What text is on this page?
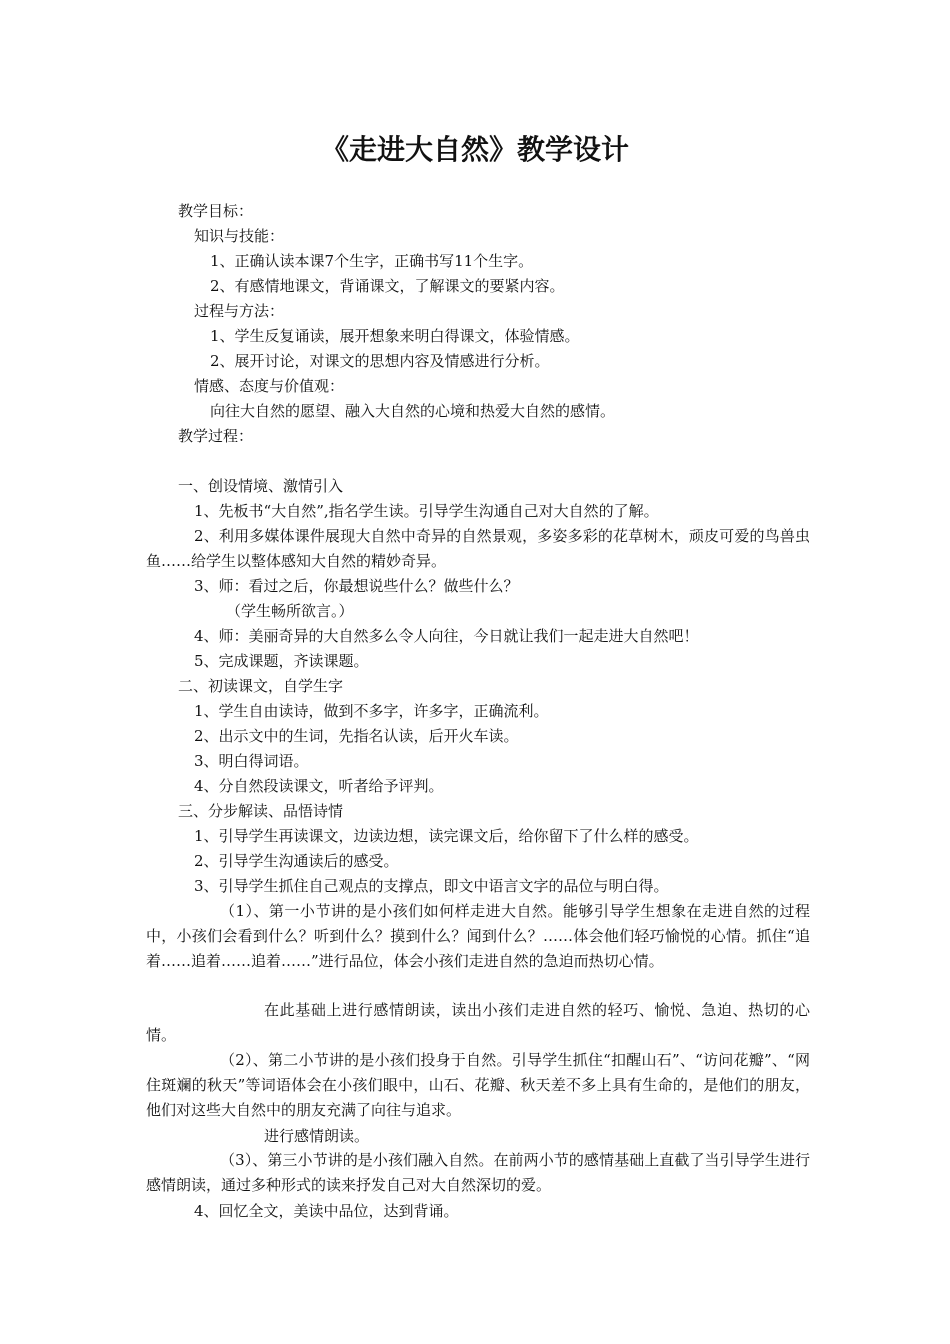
《走进大自然》教学设计
教学目标：
知识与技能：
1、正确认读本课7个生字，正确书写11个生字。
2、有感情地课文，背诵课文，了解课文的要紧内容。
过程与方法：
1、学生反复诵读，展开想象来明白得课文，体验情感。
2、展开讨论，对课文的思想内容及情感进行分析。
情感、态度与价值观：
向往大自然的愿望、融入大自然的心境和热爱大自然的感情。
教学过程：
一、创设情境、激情引入
1、先板书“大自然”,指名学生读。引导学生沟通自己对大自然的了解。
2、利用多媒体课件展现大自然中奇异的自然景观，多姿多彩的花草树木，顽皮可爱的鸟兽虫鱼……给学生以整体感知大自然的精妙奇异。
3、师：看过之后，你最想说些什么？做些什么？
（学生畅所欲言。）
4、师：美丽奇异的大自然多么令人向往，今日就让我们一起走进大自然吧！
5、完成课题，齐读课题。
二、初读课文，自学生字
1、学生自由读诗，做到不多字，许多字，正确流利。
2、出示文中的生词，先指名认读，后开火车读。
3、明白得词语。
4、分自然段读课文，听者给予评判。
三、分步解读、品悟诗情
1、引导学生再读课文，边读边想，读完课文后，给你留下了什么样的感受。
2、引导学生沟通读后的感受。
3、引导学生抓住自己观点的支撑点，即文中语言文字的品位与明白得。
（1）、第一小节讲的是小孩们如何样走进大自然。能够引导学生想象在走进自然的过程中，小孩们会看到什么？听到什么？摸到什么？闻到什么？……体会他们轻巧愉悦的心情。抓住“追着……追着……追着……”进行品位，体会小孩们走进自然的急迫而热切心情。
在此基础上进行感情朗读，读出小孩们走进自然的轻巧、愉悦、急迫、热切的心情。
（2）、第二小节讲的是小孩们投身于自然。引导学生抓住“扣醒山石”、“访问花瓣”、“网住斑斓的秋天”等词语体会在小孩们眼中，山石、花瓣、秋天差不多上具有生命的，是他们的朋友，他们对这些大自然中的朋友充满了向往与追求。
进行感情朗读。
（3）、第三小节讲的是小孩们融入自然。在前两小节的感情基础上直截了当引导学生进行感情朗读，通过多种形式的读来抒发自己对大自然深切的爱。
4、回忆全文，美读中品位，达到背诵。
